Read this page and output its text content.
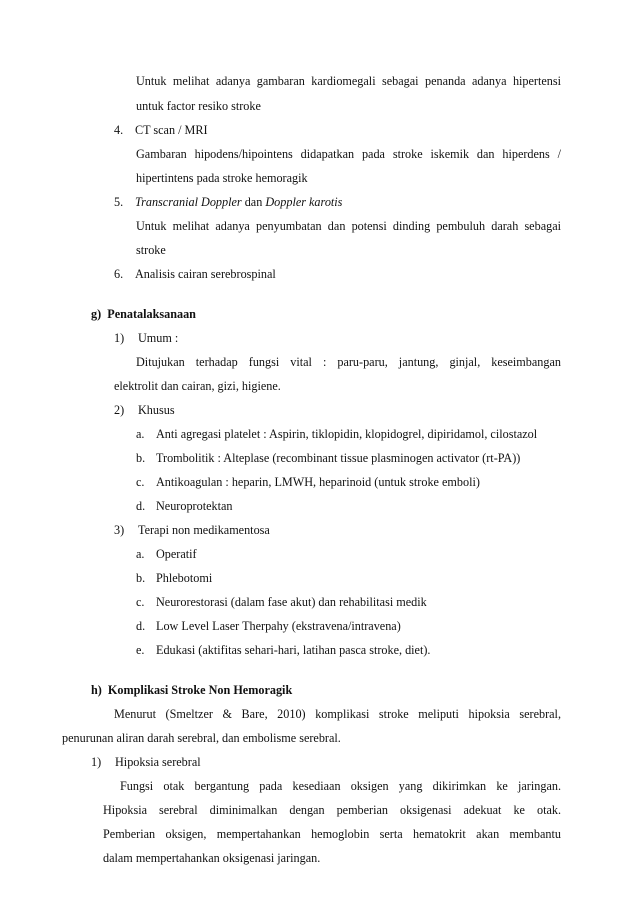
Untuk melihat adanya gambaran kardiomegali sebagai penanda adanya hipertensi
untuk factor resiko stroke
4. CT scan / MRI
Gambaran hipodens/hipointens didapatkan pada stroke iskemik dan hiperdens /
hipertintens pada stroke hemoragik
5. Transcranial Doppler dan Doppler karotis
Untuk melihat adanya penyumbatan dan potensi dinding pembuluh darah sebagai
stroke
6. Analisis cairan serebrospinal
g)  Penatalaksanaan
1) Umum :
Ditujukan terhadap fungsi vital : paru-paru, jantung, ginjal, keseimbangan
elektrolit dan cairan, gizi, higiene.
2) Khusus
a. Anti agregasi platelet : Aspirin, tiklopidin, klopidogrel, dipiridamol, cilostazol
b. Trombolitik : Alteplase (recombinant tissue plasminogen activator (rt-PA))
c. Antikoagulan : heparin, LMWH, heparinoid (untuk stroke emboli)
d. Neuroprotektan
3) Terapi non medikamentosa
a. Operatif
b. Phlebotomi
c. Neurorestorasi (dalam fase akut) dan rehabilitasi medik
d. Low Level Laser Therpahy (ekstravena/intravena)
e. Edukasi (aktifitas sehari-hari, latihan pasca stroke, diet).
h)  Komplikasi Stroke Non Hemoragik
Menurut (Smeltzer & Bare, 2010) komplikasi stroke meliputi hipoksia serebral,
penurunan aliran darah serebral, dan embolisme serebral.
1) Hipoksia serebral
Fungsi otak bergantung pada kesediaan oksigen yang dikirimkan ke jaringan.
Hipoksia serebral diminimalkan dengan pemberian oksigenasi adekuat ke otak.
Pemberian oksigen, mempertahankan hemoglobin serta hematokrit akan membantu
dalam mempertahankan oksigenasi jaringan.
